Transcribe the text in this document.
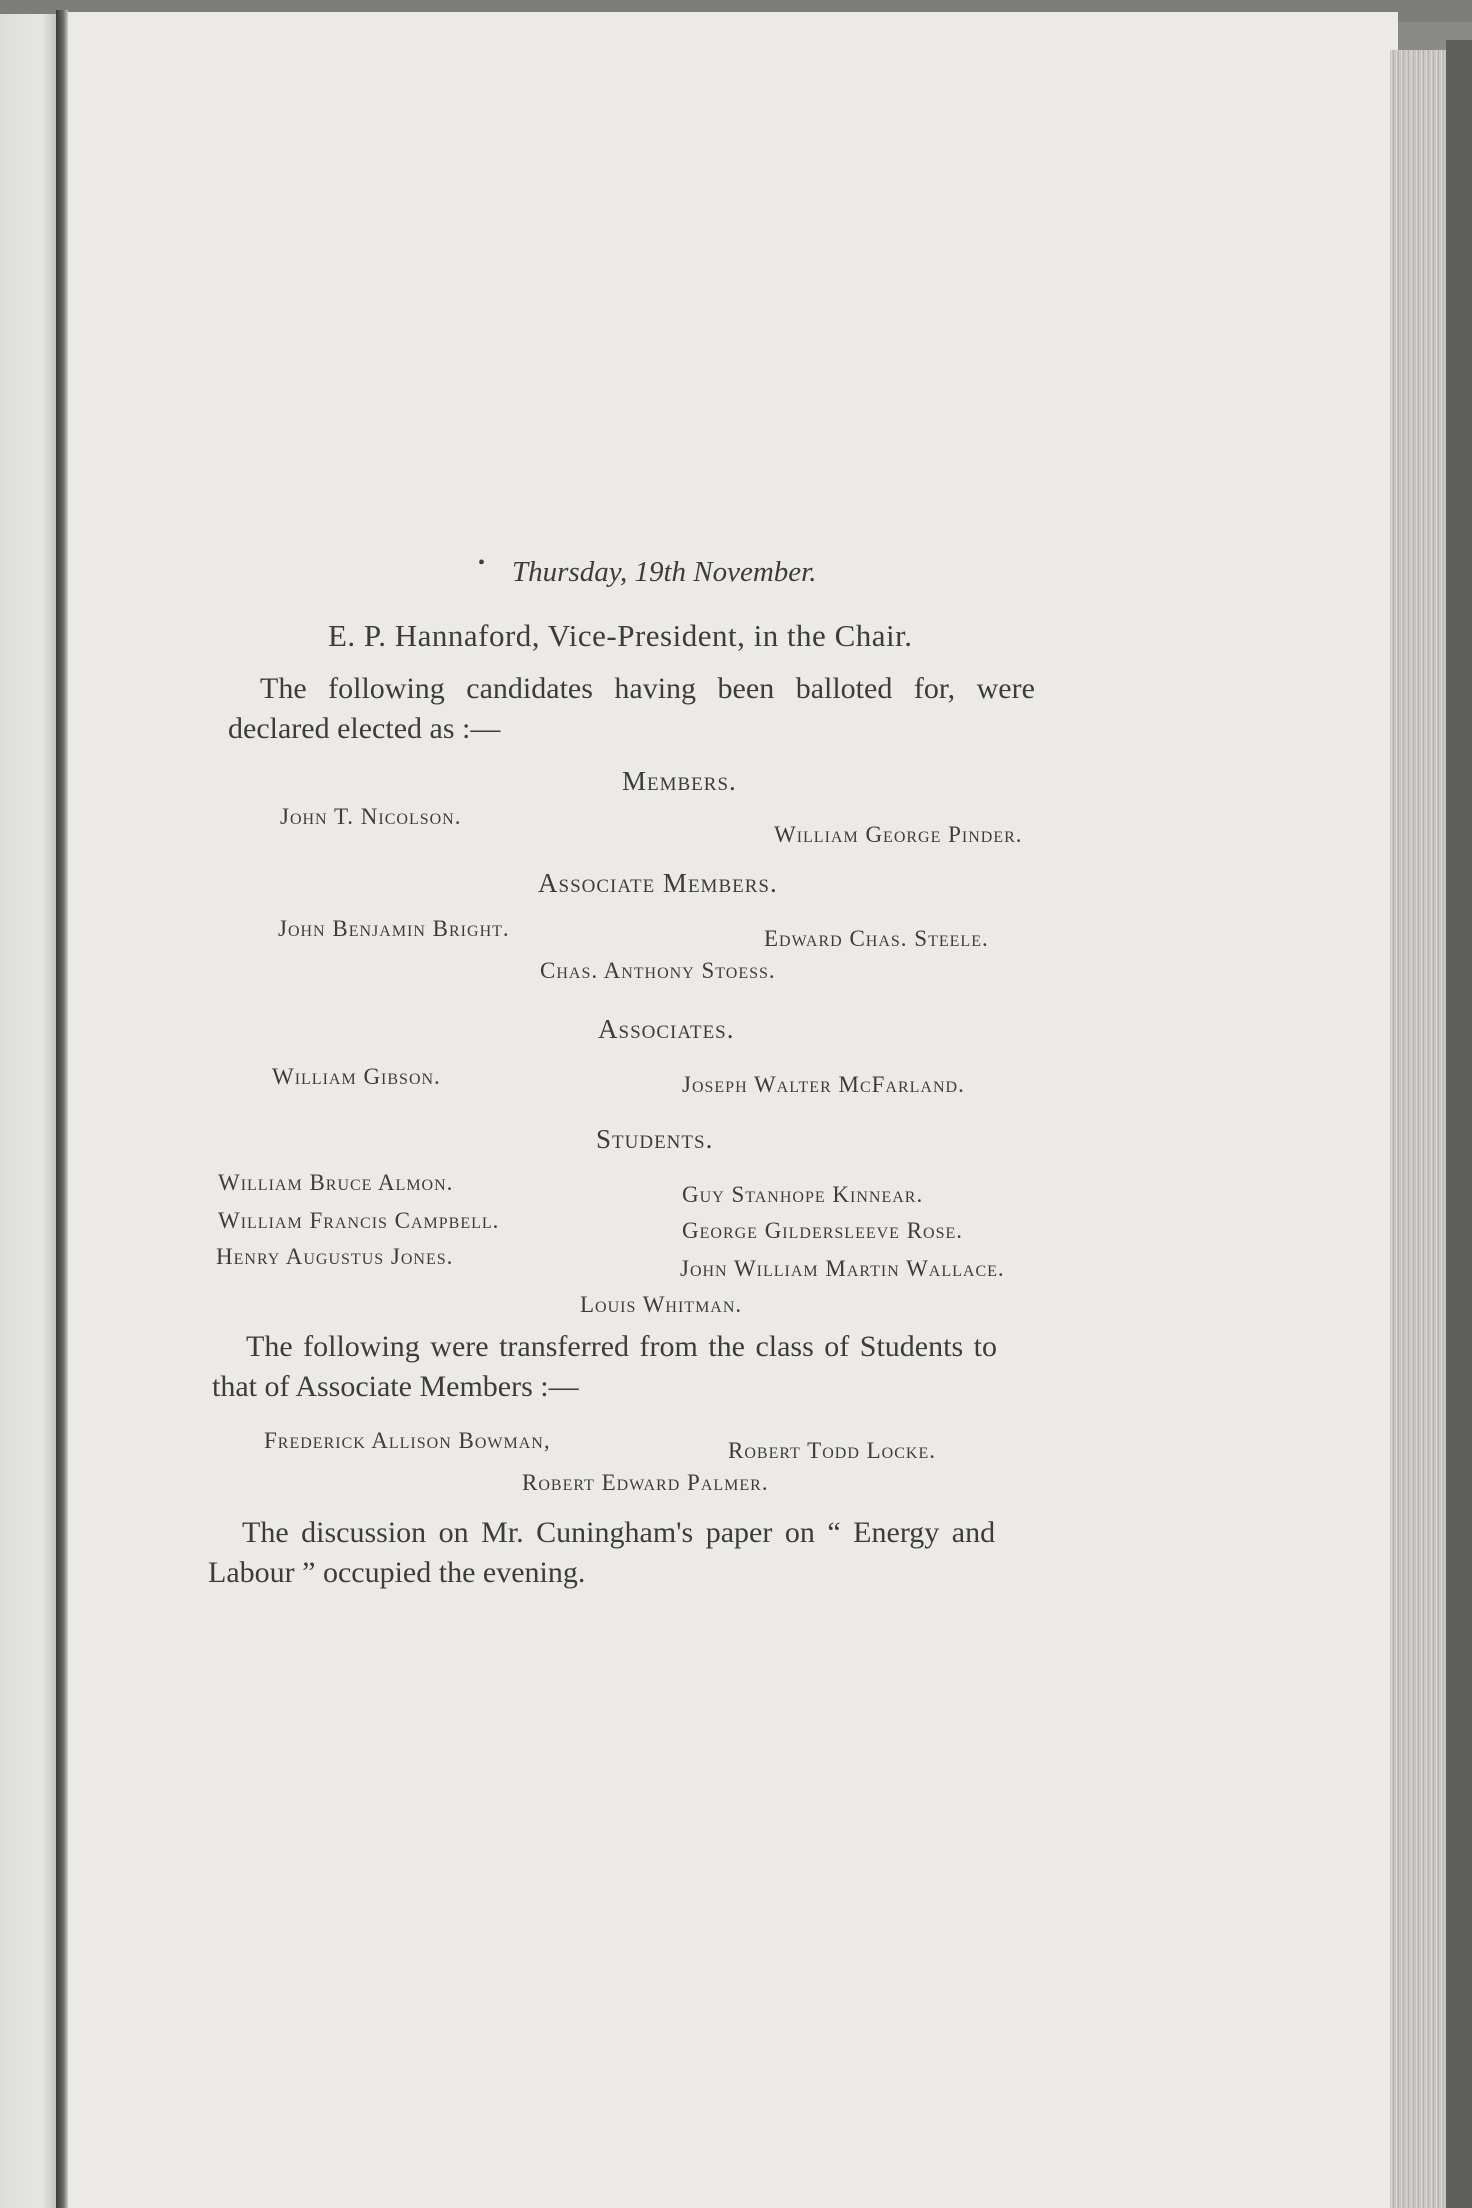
• Thursday, 19th November.
E. P. Hannaford, Vice-President, in the Chair.
The following candidates having been balloted for, were
declared elected as :—
Members.
John T. Nicolson.
William George Pinder.
Associate Members.
John Benjamin Bright.	Edward Chas. Steele.
Chas. Anthony Stoess.
Associates.
William Gibson.	Joseph Walter McFarland.
Students.
William Bruce Almon.	Guy Stanhope Kinnear.
William Francis Campbell.	George Gildersleeve Rose.
Henry Augustus Jones.	John William Martin Wallace.
Louis Whitman.
The following were transferred from the class of Students to
that of Associate Members :—
Frederick Allison Bowman,	Robert Todd Locke.
Robert Edward Palmer.
The discussion on Mr. Cuningham's paper on “ Energy and
Labour ” occupied the evening.
